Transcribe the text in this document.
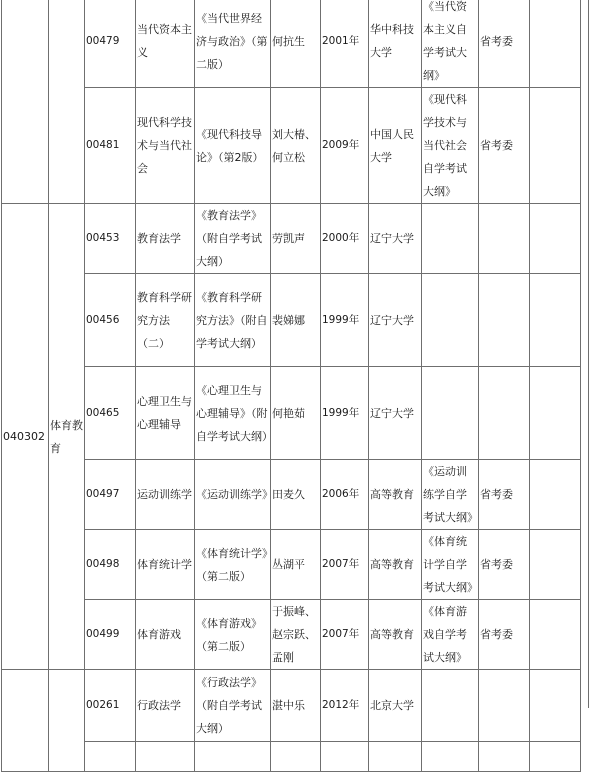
		00479	当代资本主义	《当代世界经济与政治》（第二版）	何抗生	2001年	华中科技大学	《当代资本主义自学考试大纲》	省考委	
		00481	现代科学技术与当代社会	《现代科技导论》（第2版）	刘大椿、何立松	2009年	中国人民大学	《现代科学技术与当代社会自学考试大纲》	省考委	
040302	体育教育	00453	教育法学	《教育法学》（附自学考试大纲）	劳凯声	2000年	辽宁大学			
		00456	教育科学研究方法（二）	《教育科学研究方法》（附自学考试大纲）	裴娣娜	1999年	辽宁大学			
		00465	心理卫生与心理辅导	《心理卫生与心理辅导》（附自学考试大纲）	何艳茹	1999年	辽宁大学			
		00497	运动训练学	《运动训练学》	田麦久	2006年	高等教育	《运动训练学自学考试大纲》	省考委	
		00498	体育统计学	《体育统计学》（第二版）	丛湖平	2007年	高等教育	《体育统计学自学考试大纲》	省考委	
		00499	体育游戏	《体育游戏》（第二版）	于振峰、赵宗跃、孟刚	2007年	高等教育	《体育游戏自学考试大纲》	省考委	
		00261	行政法学	《行政法学》（附自学考试大纲）	湛中乐	2012年	北京大学			
